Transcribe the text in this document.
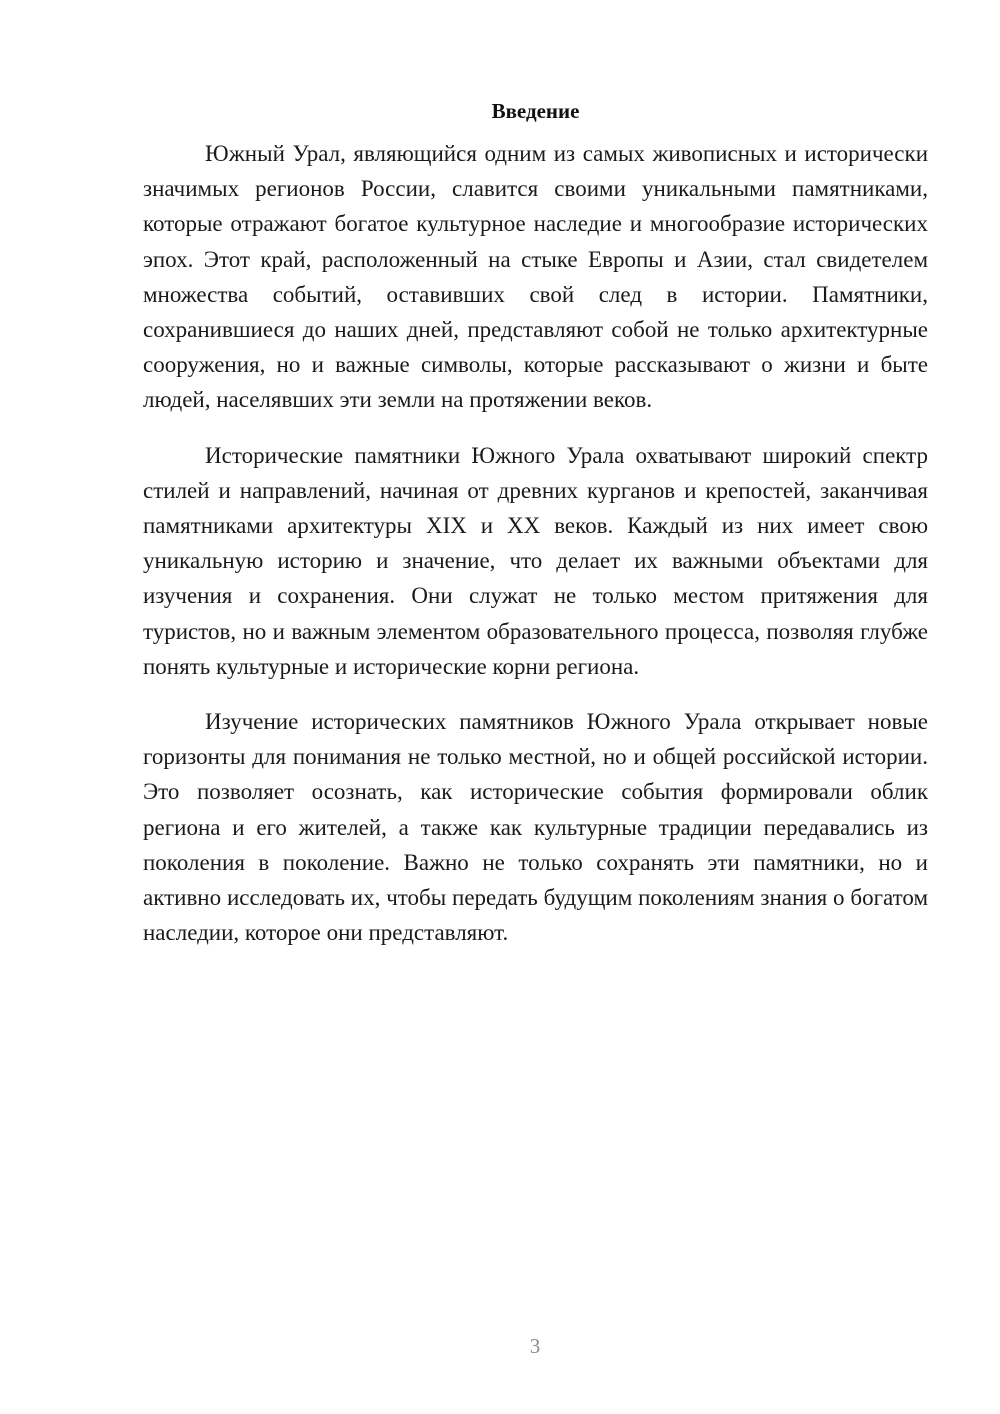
Введение

Южный Урал, являющийся одним из самых живописных и исторически значимых регионов России, славится своими уникальными памятниками, которые отражают богатое культурное наследие и многообразие исторических эпох. Этот край, расположенный на стыке Европы и Азии, стал свидетелем множества событий, оставивших свой след в истории. Памятники, сохранившиеся до наших дней, представляют собой не только архитектурные сооружения, но и важные символы, которые рассказывают о жизни и быте людей, населявших эти земли на протяжении веков.

Исторические памятники Южного Урала охватывают широкий спектр стилей и направлений, начиная от древних курганов и крепостей, заканчивая памятниками архитектуры XIX и XX веков. Каждый из них имеет свою уникальную историю и значение, что делает их важными объектами для изучения и сохранения. Они служат не только местом притяжения для туристов, но и важным элементом образовательного процесса, позволяя глубже понять культурные и исторические корни региона.

Изучение исторических памятников Южного Урала открывает новые горизонты для понимания не только местной, но и общей российской истории. Это позволяет осознать, как исторические события формировали облик региона и его жителей, а также как культурные традиции передавались из поколения в поколение. Важно не только сохранять эти памятники, но и активно исследовать их, чтобы передать будущим поколениям знания о богатом наследии, которое они представляют.

3
